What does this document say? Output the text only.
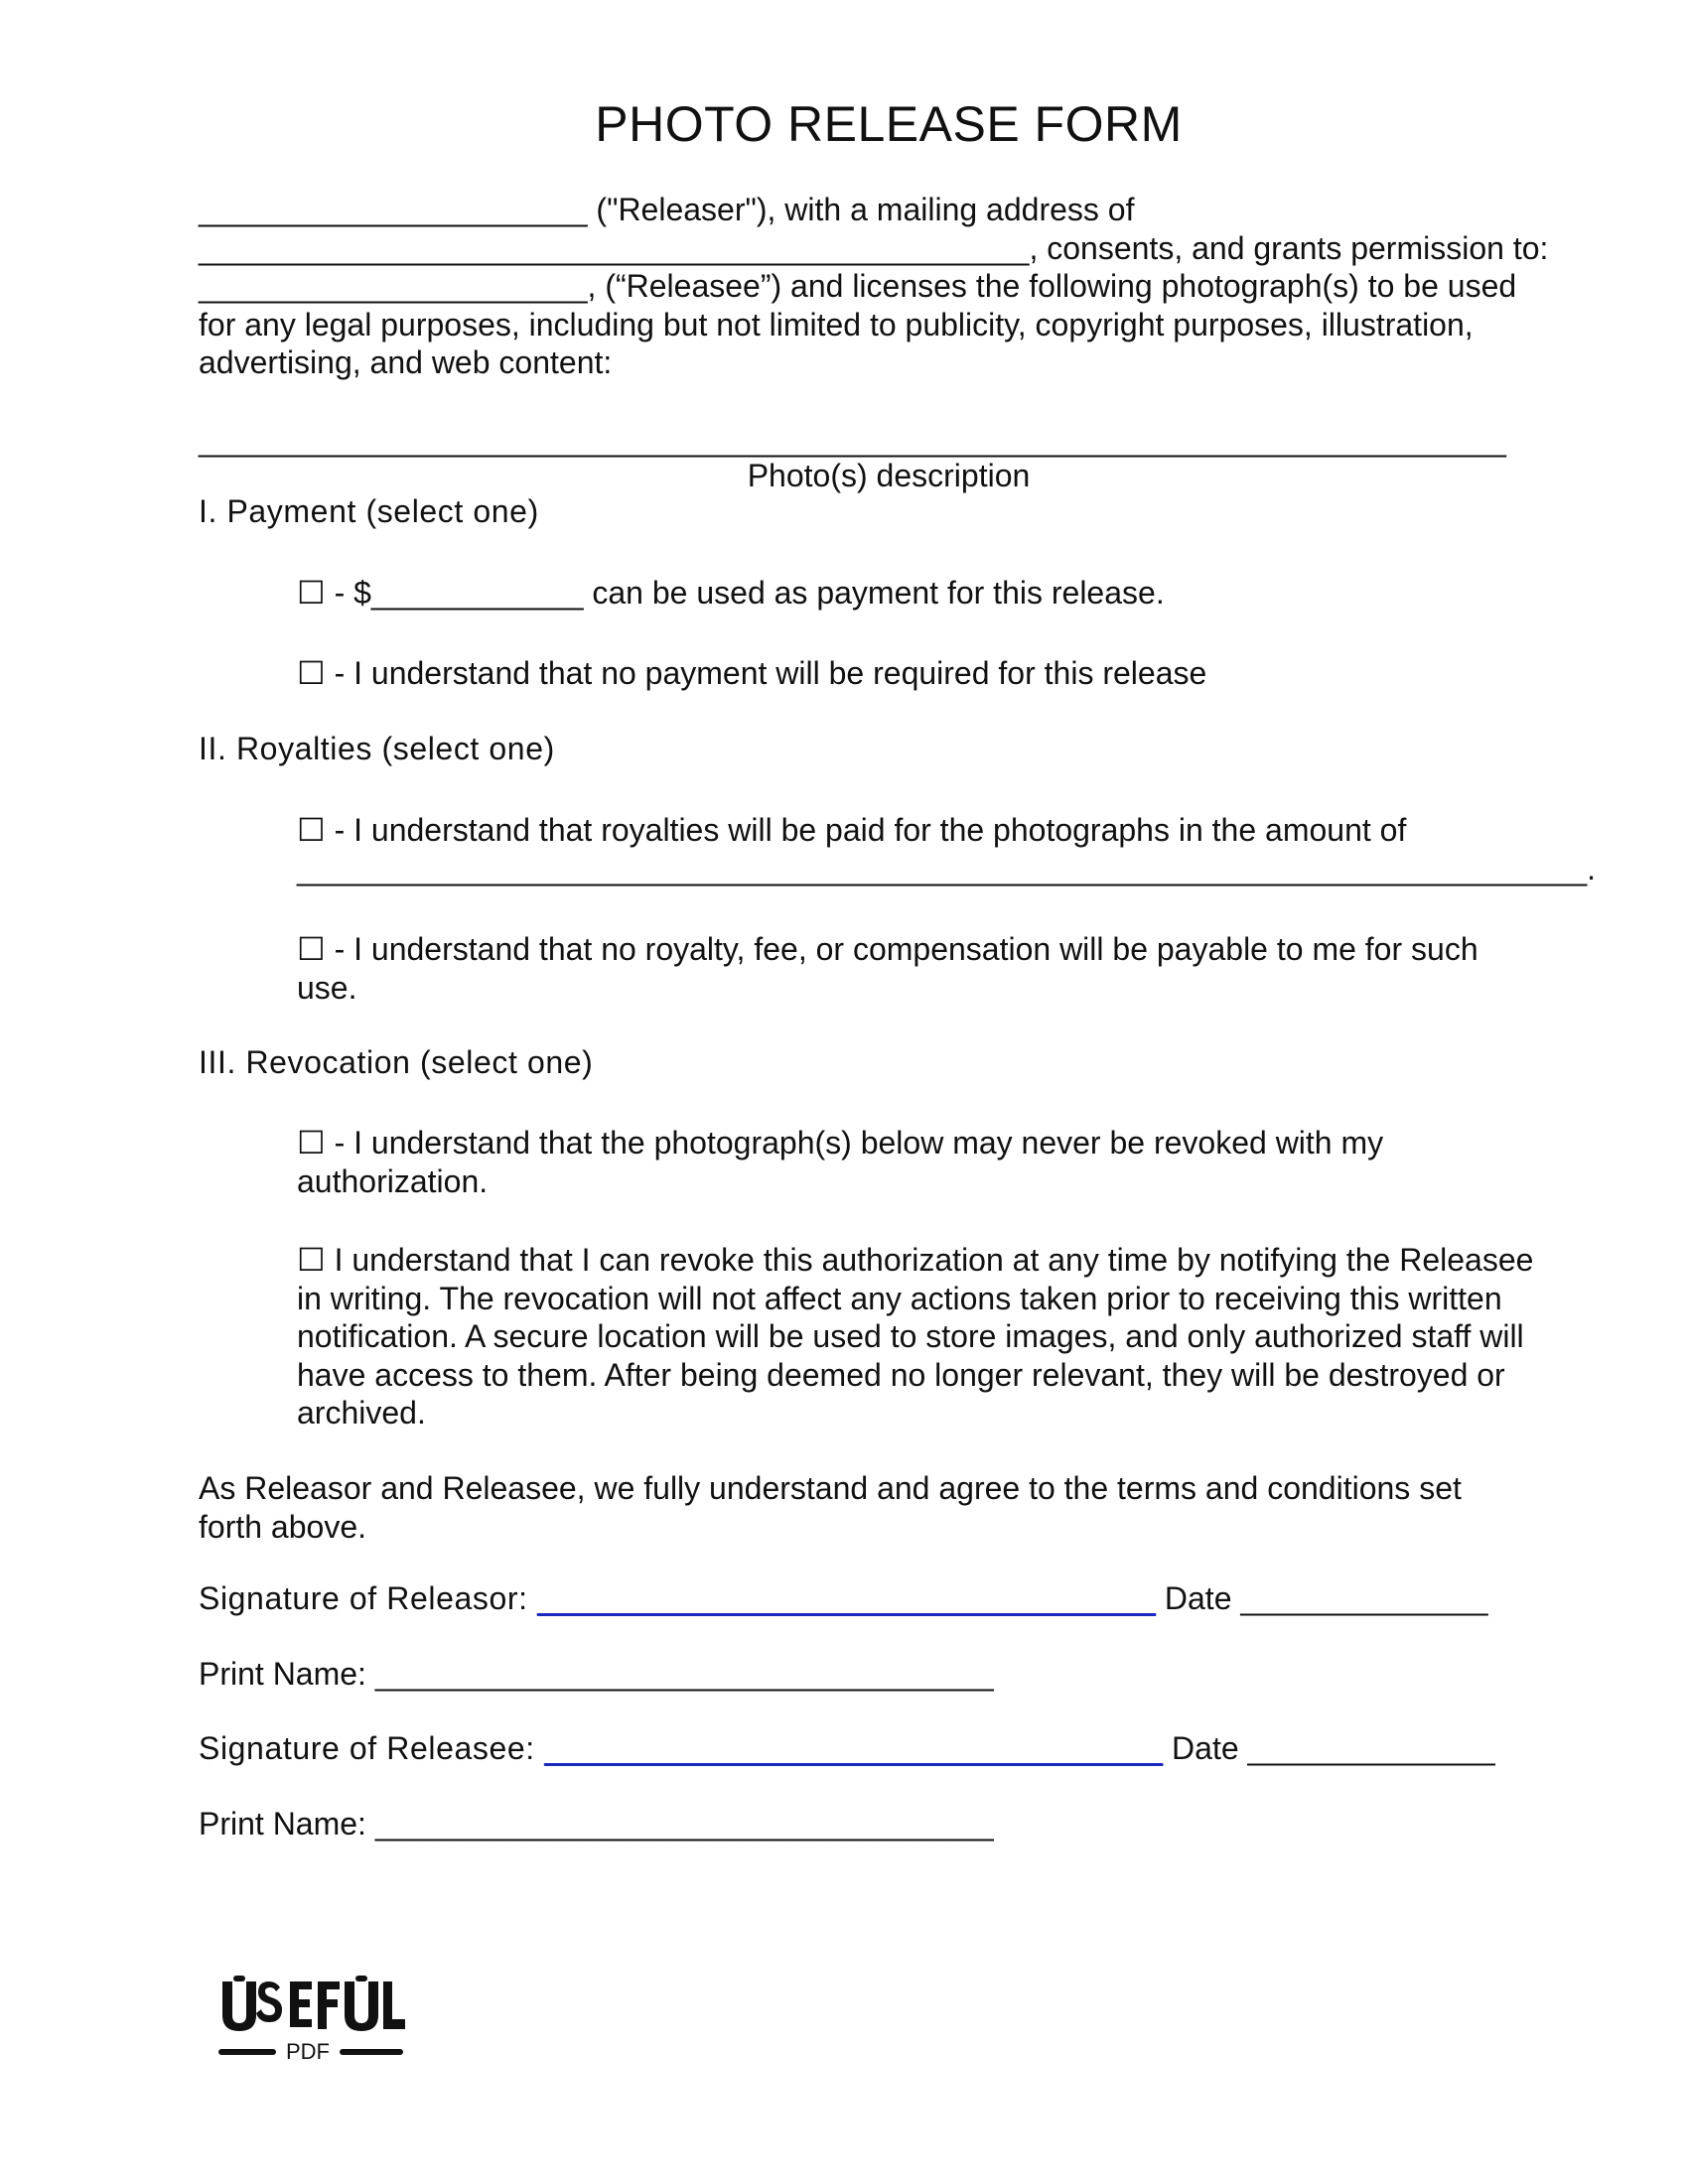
PHOTO RELEASE FORM
______________________ ("Releaser"), with a mailing address of
_______________________________________________, consents, and grants permission to:
______________________, (“Releasee”) and licenses the following photograph(s) to be used
for any legal purposes, including but not limited to publicity, copyright purposes, illustration,
advertising, and web content:
__________________________________________________________________________
Photo(s) description
I. Payment (select one)
☐ - $____________ can be used as payment for this release.
☐ - I understand that no payment will be required for this release
II. Royalties (select one)
☐ - I understand that royalties will be paid for the photographs in the amount of
_________________________________________________________________________.
☐ - I understand that no royalty, fee, or compensation will be payable to me for such
use.
III. Revocation (select one)
☐ - I understand that the photograph(s) below may never be revoked with my
authorization.
☐ I understand that I can revoke this authorization at any time by notifying the Releasee
in writing. The revocation will not affect any actions taken prior to receiving this written
notification. A secure location will be used to store images, and only authorized staff will
have access to them. After being deemed no longer relevant, they will be destroyed or
archived.
As Releasor and Releasee, we fully understand and agree to the terms and conditions set
forth above.
Signature of Releasor: ___________________________________ Date ______________
Print Name: ___________________________________
Signature of Releasee: ___________________________________ Date ______________
Print Name: ___________________________________
PDF
